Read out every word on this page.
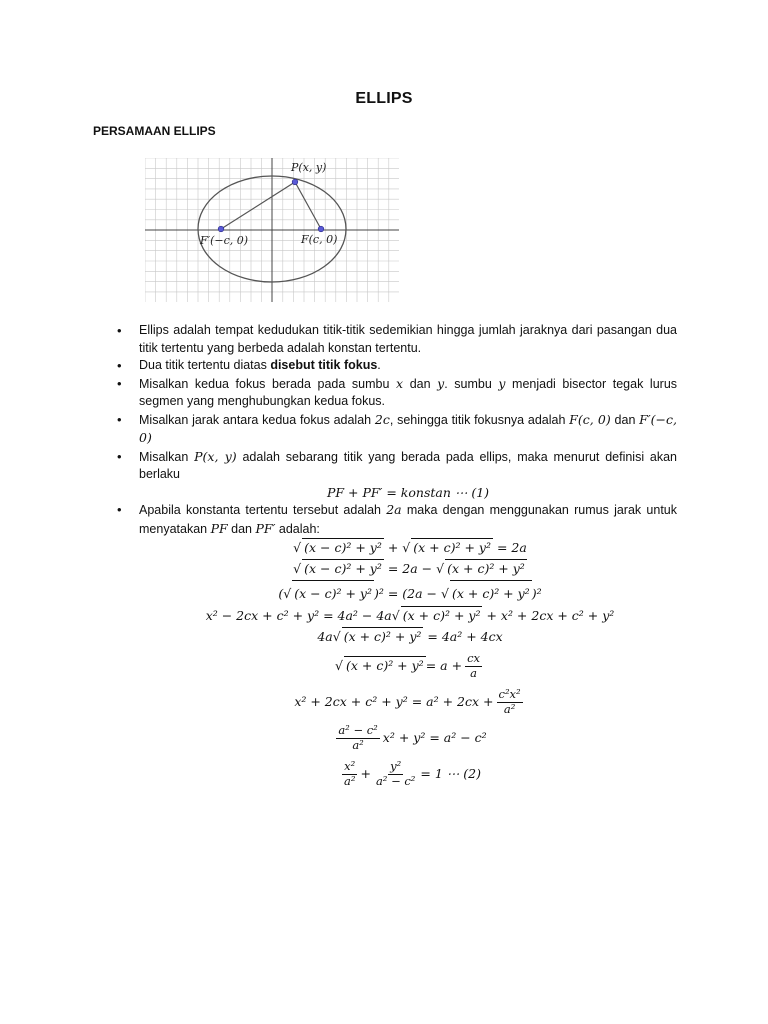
ELLIPS
PERSAMAAN ELLIPS
P(x, y)
F′(−c, 0)	F(c, 0)
• Ellips adalah tempat kedudukan titik-titik sedemikian hingga jumlah jaraknya dari pasangan dua titik tertentu yang berbeda adalah konstan tertentu.
• Dua titik tertentu diatas disebut titik fokus.
• Misalkan kedua fokus berada pada sumbu x dan y. sumbu y menjadi bisector tegak lurus segmen yang menghubungkan kedua fokus.
• Misalkan jarak antara kedua fokus adalah 2c, sehingga titik fokusnya adalah F(c, 0) dan F′(−c, 0)
• Misalkan P(x, y) adalah sebarang titik yang berada pada ellips, maka menurut definisi akan berlaku
PF + PF′ = konstan ⋯ (1)
• Apabila konstanta tertentu tersebut adalah 2a maka dengan menggunakan rumus jarak untuk menyatakan PF dan PF′ adalah:
√ (x − c)² + y² + √ (x + c)² + y² = 2a
√ (x − c)² + y² = 2a − √ (x + c)² + y²
(√ (x − c)² + y² )² = (2a − √ (x + c)² + y² )²
x² − 2cx + c² + y² = 4a² − 4a√ (x + c)² + y² + x² + 2cx + c² + y²
4a√ (x + c)² + y² = 4a² + 4cx
√ $(x + c)^2 + y^2 = a + \frac{cx}{a}$
$x^2 + 2cx + c^2 + y^2 = a^2 + 2cx + \frac{\text{c²x²}}{\text{a²}}$
$\frac{\text{a² − c²}}{\text{a²}} x^2 + y^2 = a^2 - c^2$
$\frac{\text{x²}}{\text{a²}} + \frac{\text{y²}}{\text{a² − c²}} = 1$ ⋯ (2)
